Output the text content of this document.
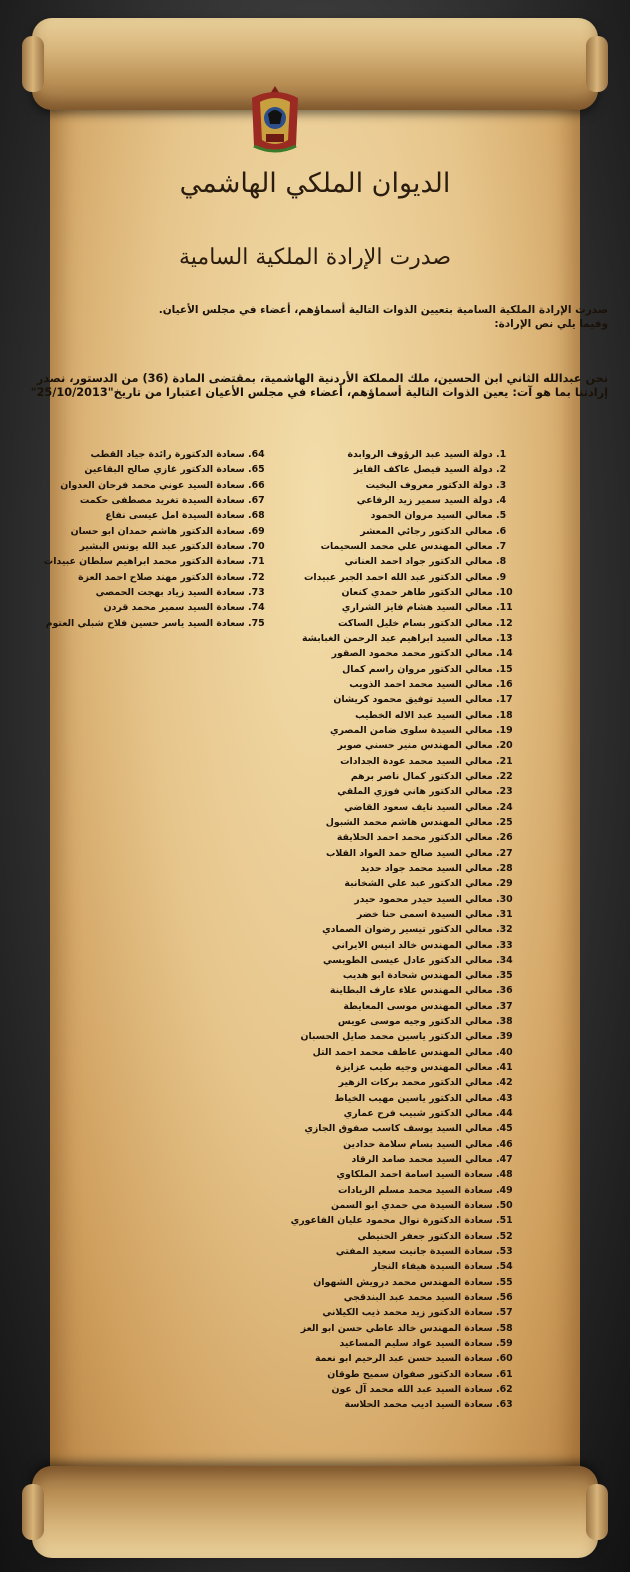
الديوان الملكي الهاشمي
صدرت الإرادة الملكية السامية
صدرت الإرادة الملكية السامية بتعيين الذوات التالية أسماؤهم، أعضاء في مجلس الأعيان.
وفيما يلي نص الإرادة:
نحن عبدالله الثاني ابن الحسين، ملك المملكة الأردنية الهاشمية، بمقتضى المادة (36) من الدستور، نصدر إرادتنا بما هو آت: يعين الذوات التالية أسماؤهم، أعضاء في مجلس الأعيان اعتبارا من تاريخ"25/10/2013"
1. دولة السيد عبد الرؤوف الروابدة
2. دولة السيد فيصل عاكف الفايز
3. دولة الدكتور معروف البخيت
4. دولة السيد سمير زيد الرفاعي
5. معالي السيد مروان الحمود
6. معالي الدكتور رجائي المعشر
7. معالي المهندس علي محمد السحيمات
8. معالي الدكتور جواد احمد العناني
9. معالي الدكتور عبد الله احمد الجبر عبيدات
10. معالي الدكتور طاهر حمدي كنعان
11. معالي السيد هشام فايز الشراري
12. معالي الدكتور بسام خليل الساكت
13. معالي السيد ابراهيم عبد الرحمن الغبابشة
14. معالي الدكتور محمد محمود الصقور
15. معالي الدكتور مروان راسم كمال
16. معالي السيد محمد احمد الذويب
17. معالي السيد توفيق محمود كريشان
18. معالي السيد عبد الاله الخطيب
19. معالي السيدة سلوى ضامن المصري
20. معالي المهندس منير حسني صوبر
21. معالي السيد محمد عودة الجدادات
22. معالي الدكتور كمال ناصر برهم
23. معالي الدكتور هاني فوزي الملقي
24. معالي السيد نايف سعود القاضي
25. معالي المهندس هاشم محمد الشبول
26. معالي الدكتور محمد احمد الحلايقة
27. معالي السيد صالح حمد العواد القلاب
28. معالي السيد محمد جواد حديد
29. معالي الدكتور عبد علي الشخانبة
30. معالي السيد حيدر محمود حيدر
31. معالي السيدة اسمى حنا خضر
32. معالي الدكتور تيسير رضوان الصمادي
33. معالي المهندس خالد انيس الايراني
34. معالي الدكتور عادل عيسى الطويسي
35. معالي المهندس شحادة ابو هديب
36. معالي المهندس علاء عارف البطاينة
37. معالي المهندس موسى المعايطة
38. معالي الدكتور وجيه موسى عويس
39. معالي الدكتور ياسين محمد صايل الحسبان
40. معالي المهندس عاطف محمد احمد التل
41. معالي المهندس وجيه طيب عزايزة
42. معالي الدكتور محمد بركات الزهير
43. معالي الدكتور ياسين مهيب الخياط
44. معالي الدكتور شبيب فرح عماري
45. معالي السيد يوسف كاسب صفوق الجازي
46. معالي السيد بسام سلامة حدادين
47. معالي السيد محمد صامد الرقاد
48. سعادة السيد اسامة احمد الملكاوي
49. سعادة السيد محمد مسلم الزيادات
50. سعادة السيدة مي حمدي ابو السمن
51. سعادة الدكتورة نوال محمود عليان الفاعوري
52. سعادة الدكتور جعفر الحنيطي
53. سعادة السيدة جانيت سعيد المفتي
54. سعادة السيدة هيفاء النجار
55. سعادة المهندس محمد درويش الشهوان
56. سعادة السيد محمد عبد البندقجي
57. سعادة الدكتور زيد محمد ذيب الكيلاني
58. سعادة المهندس خالد عاطي حسن ابو العز
59. سعادة السيد عواد سليم المساعيد
60. سعادة السيد حسن عبد الرحيم ابو نعمة
61. سعادة الدكتور صفوان سميح طوقان
62. سعادة السيد عبد الله محمد آل عون
63. سعادة السيد اديب محمد الحلاسة
64. سعادة الدكتورة رائدة جياد القطب
65. سعادة الدكتور غازي صالح البقاعين
66. سعادة السيد عوني محمد فرحان العدوان
67. سعادة السيدة تغريد مصطفى حكمت
68. سعادة السيدة امل عيسى نفاع
69. سعادة الدكتور هاشم حمدان ابو حسان
70. سعادة الدكتور عبد الله يونس البشير
71. سعادة الدكتور محمد ابراهيم سلطان عبيدات
72. سعادة الدكتور مهند صلاح احمد العزة
73. سعادة السيد زياد بهجت الحمصي
74. سعادة السيد سمير محمد قردن
75. سعادة السيد ياسر حسين فلاح شبلي العتوم
